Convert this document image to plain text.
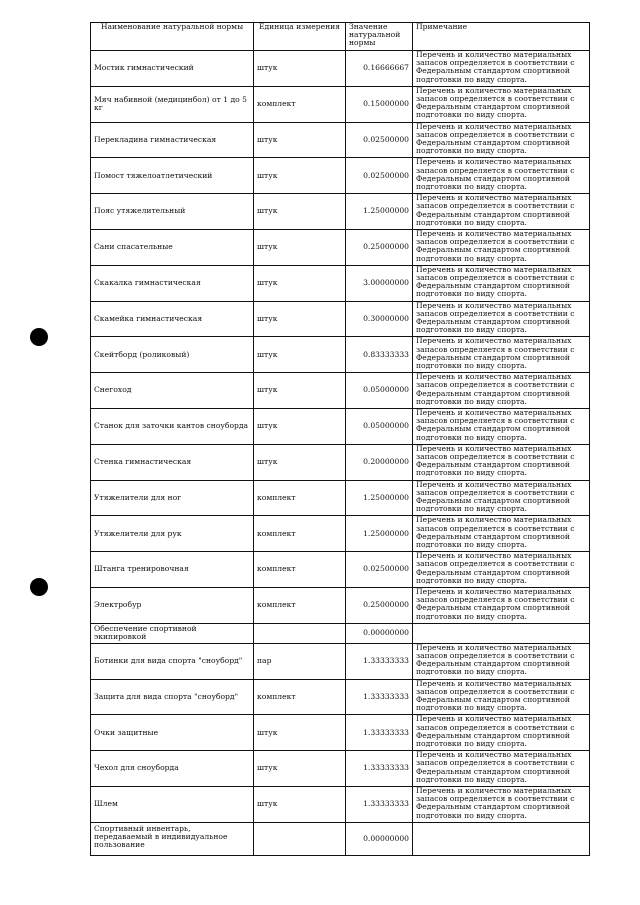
Наименование натуральной нормы	Единица измерения	Значение натуральной нормы	Примечание
Мостик гимнастический	штук	0.16666667	Перечень и количество материальных запасов определяется в соответствии с Федеральным стандартом спортивной подготовки по виду спорта.
Мяч набивной (медицинбол) от 1 до 5 кг	комплект	0.15000000	Перечень и количество материальных запасов определяется в соответствии с Федеральным стандартом спортивной подготовки по виду спорта.
Перекладина гимнастическая	штук	0.02500000	Перечень и количество материальных запасов определяется в соответствии с Федеральным стандартом спортивной подготовки по виду спорта.
Помост тяжелоатлетический	штук	0.02500000	Перечень и количество материальных запасов определяется в соответствии с Федеральным стандартом спортивной подготовки по виду спорта.
Пояс утяжелительный	штук	1.25000000	Перечень и количество материальных запасов определяется в соответствии с Федеральным стандартом спортивной подготовки по виду спорта.
Сани спасательные	штук	0.25000000	Перечень и количество материальных запасов определяется в соответствии с Федеральным стандартом спортивной подготовки по виду спорта.
Скакалка гимнастическая	штук	3.00000000	Перечень и количество материальных запасов определяется в соответствии с Федеральным стандартом спортивной подготовки по виду спорта.
Скамейка гимнастическая	штук	0.30000000	Перечень и количество материальных запасов определяется в соответствии с Федеральным стандартом спортивной подготовки по виду спорта.
Скейтборд (роликовый)	штук	0.83333333	Перечень и количество материальных запасов определяется в соответствии с Федеральным стандартом спортивной подготовки по виду спорта.
Снегоход	штук	0.05000000	Перечень и количество материальных запасов определяется в соответствии с Федеральным стандартом спортивной подготовки по виду спорта.
Станок для заточки кантов сноуборда	штук	0.05000000	Перечень и количество материальных запасов определяется в соответствии с Федеральным стандартом спортивной подготовки по виду спорта.
Стенка гимнастическая	штук	0.20000000	Перечень и количество материальных запасов определяется в соответствии с Федеральным стандартом спортивной подготовки по виду спорта.
Утяжелители для ног	комплект	1.25000000	Перечень и количество материальных запасов определяется в соответствии с Федеральным стандартом спортивной подготовки по виду спорта.
Утяжелители для рук	комплект	1.25000000	Перечень и количество материальных запасов определяется в соответствии с Федеральным стандартом спортивной подготовки по виду спорта.
Штанга тренировочная	комплект	0.02500000	Перечень и количество материальных запасов определяется в соответствии с Федеральным стандартом спортивной подготовки по виду спорта.
Электробур	комплект	0.25000000	Перечень и количество материальных запасов определяется в соответствии с Федеральным стандартом спортивной подготовки по виду спорта.
Обеспечение спортивной экипировкой		0.00000000	
Ботинки для вида спорта "сноуборд"	пар	1.33333333	Перечень и количество материальных запасов определяется в соответствии с Федеральным стандартом спортивной подготовки по виду спорта.
Защита для вида спорта "сноуборд"	комплект	1.33333333	Перечень и количество материальных запасов определяется в соответствии с Федеральным стандартом спортивной подготовки по виду спорта.
Очки защитные	штук	1.33333333	Перечень и количество материальных запасов определяется в соответствии с Федеральным стандартом спортивной подготовки по виду спорта.
Чехол для сноуборда	штук	1.33333333	Перечень и количество материальных запасов определяется в соответствии с Федеральным стандартом спортивной подготовки по виду спорта.
Шлем	штук	1.33333333	Перечень и количество материальных запасов определяется в соответствии с Федеральным стандартом спортивной подготовки по виду спорта.
Спортивный инвентарь, передаваемый в индивидуальное пользование		0.00000000	
